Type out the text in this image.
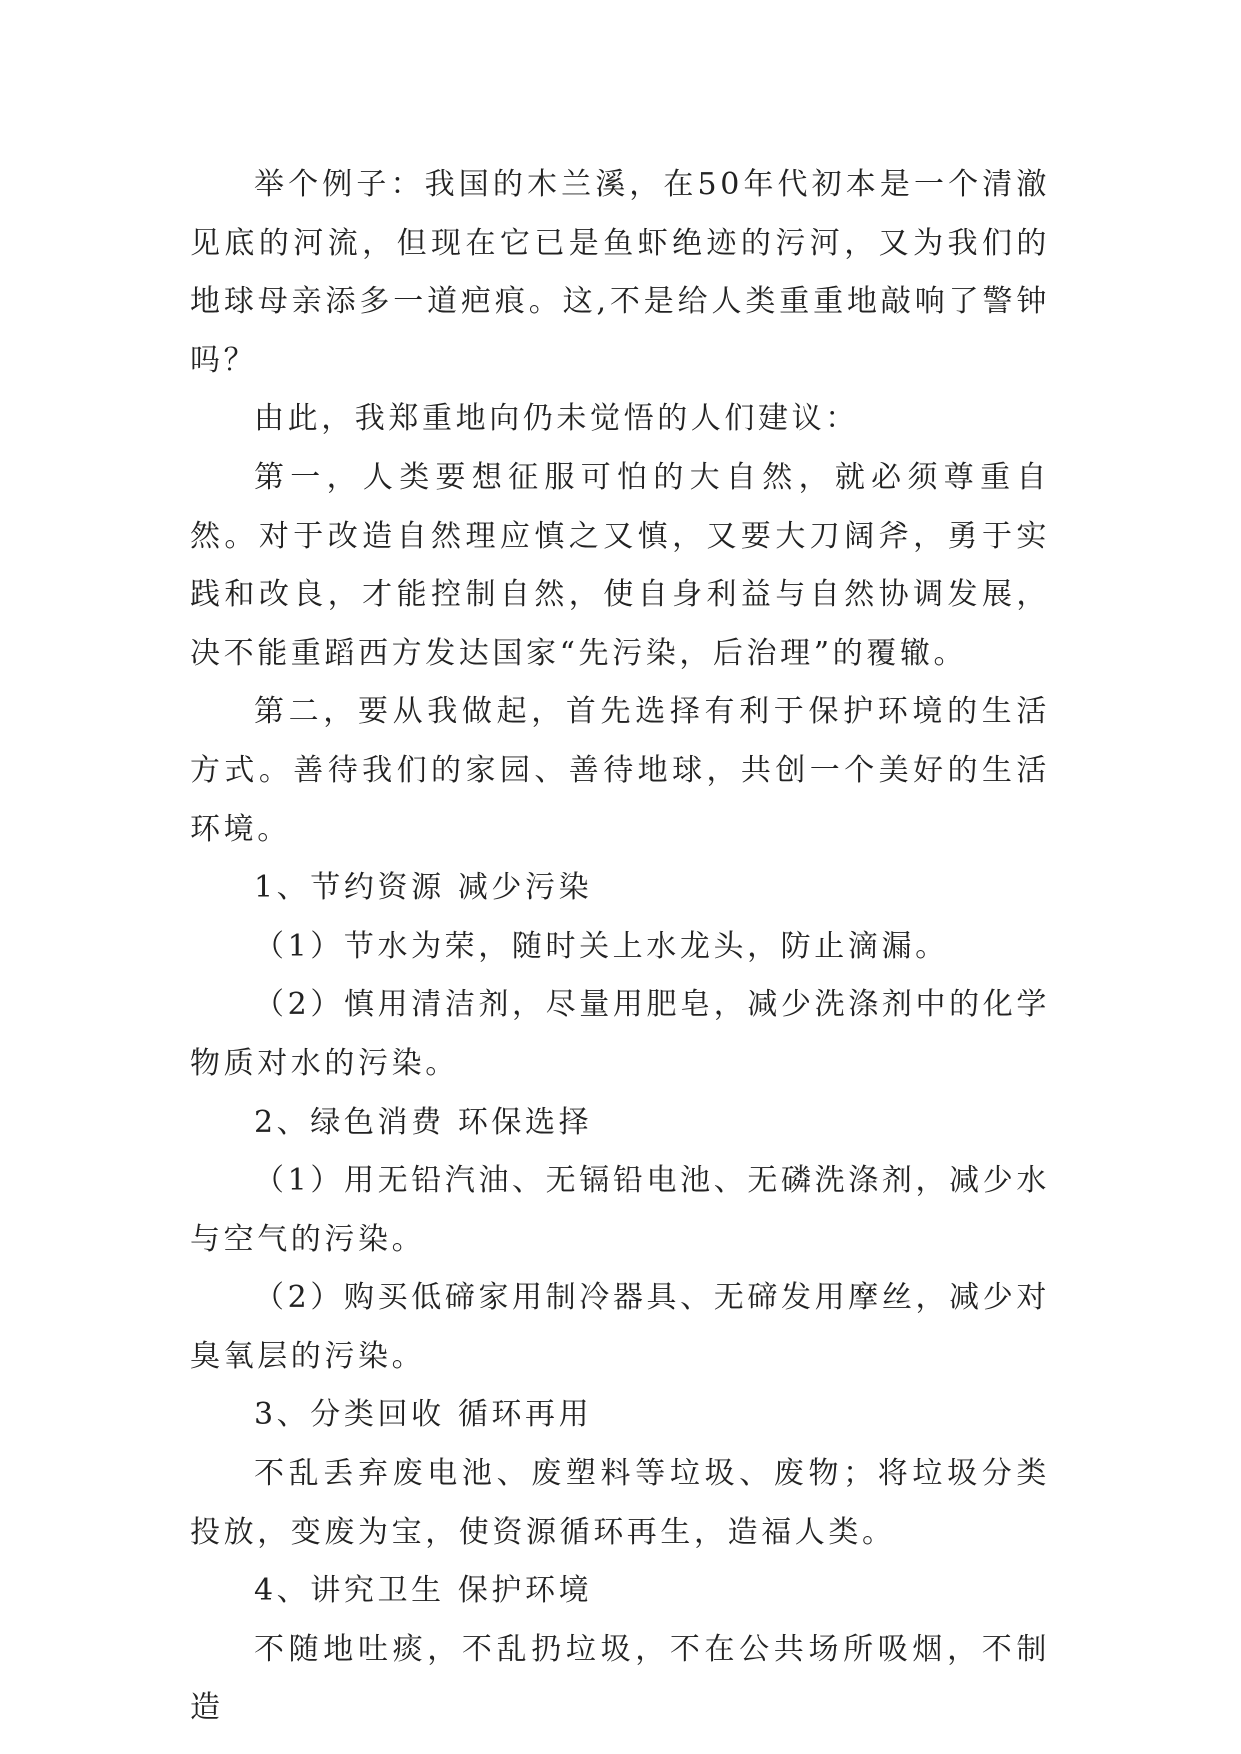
举个例子：我国的木兰溪，在50年代初本是一个清澈见底的河流，但现在它已是鱼虾绝迹的污河，又为我们的地球母亲添多一道疤痕。这,不是给人类重重地敲响了警钟吗？

由此，我郑重地向仍未觉悟的人们建议：

第一，人类要想征服可怕的大自然，就必须尊重自然。对于改造自然理应慎之又慎，又要大刀阔斧，勇于实践和改良，才能控制自然，使自身利益与自然协调发展，决不能重蹈西方发达国家“先污染，后治理”的覆辙。

第二，要从我做起，首先选择有利于保护环境的生活方式。善待我们的家园、善待地球，共创一个美好的生活环境。

1、节约资源 减少污染

（1）节水为荣，随时关上水龙头，防止滴漏。

（2）慎用清洁剂，尽量用肥皂，减少洗涤剂中的化学物质对水的污染。

2、绿色消费 环保选择

（1）用无铅汽油、无镉铅电池、无磷洗涤剂，减少水与空气的污染。

（2）购买低碲家用制冷器具、无碲发用摩丝，减少对臭氧层的污染。

3、分类回收 循环再用

不乱丢弃废电池、废塑料等垃圾、废物；将垃圾分类投放，变废为宝，使资源循环再生，造福人类。

4、讲究卫生 保护环境

不随地吐痰，不乱扔垃圾，不在公共场所吸烟，不制造
